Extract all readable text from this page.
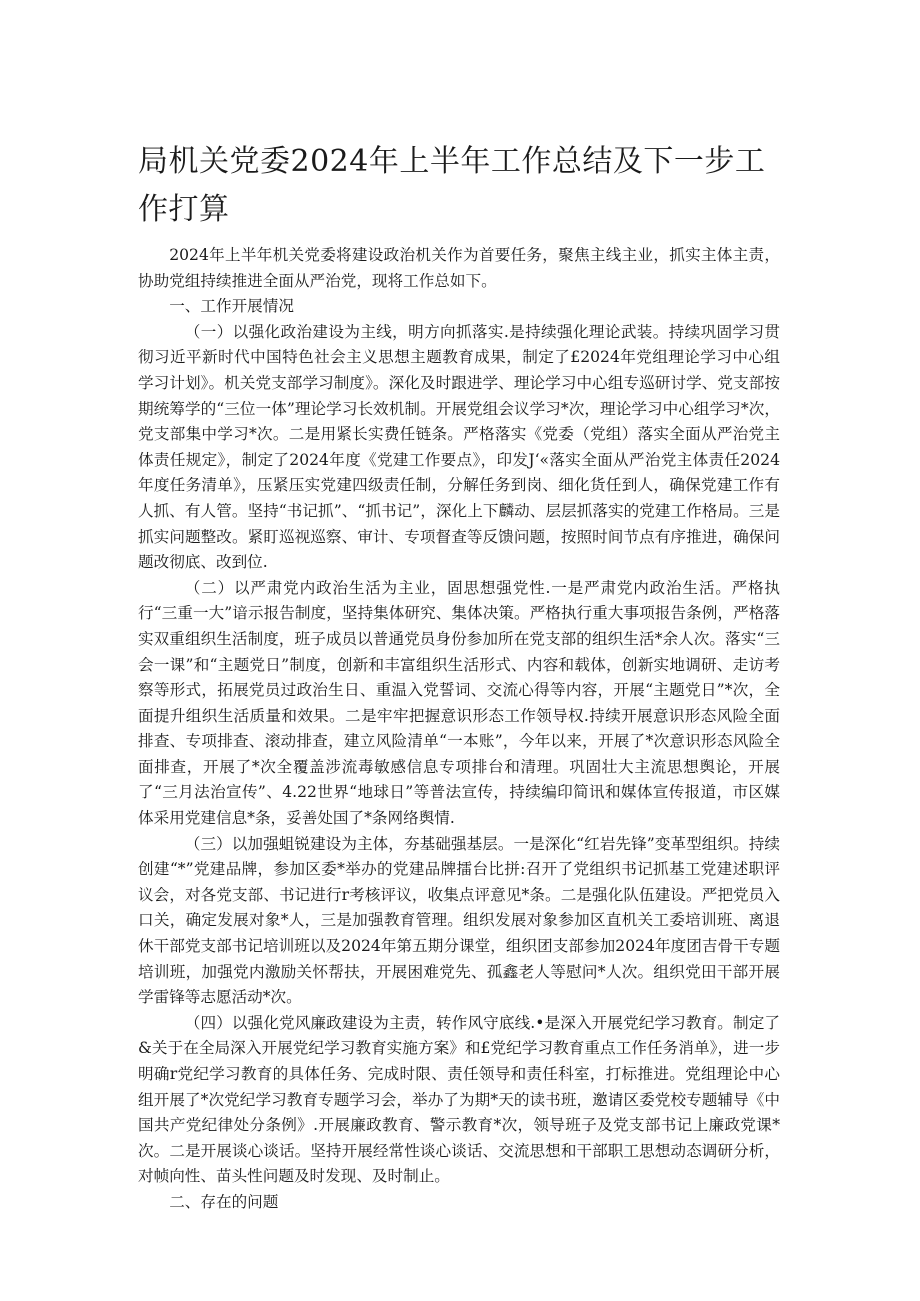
局机关党委2024年上半年工作总结及下一步工作打算

2024年上半年机关党委将建设政治机关作为首要任务，聚焦主线主业，抓实主体主责，协助党组持续推进全面从严治党，现将工作总如下。

一、工作开展情况

（一）以强化政治建设为主线，明方向抓落实.是持续强化理论武装。持续巩固学习贯彻习近平新时代中国特色社会主义思想主题教育成果，制定了£2024年党组理论学习中心组学习计划》。机关党支部学习制度》。深化及时跟进学、理论学习中心组专巡研讨学、党支部按期统筹学的“三位一体”理论学习长效机制。开展党组会议学习*次，理论学习中心组学习*次，党支部集中学习*次。二是用紧长实费任链条。严格落实《党委（党组）落实全面从严治党主体责任规定》，制定了2024年度《党建工作要点》，印发J‘«落实全面从严治党主体责任2024年度任务清单》，压紧压实党建四级责任制，分解任务到岗、细化货任到人，确保党建工作有人抓、有人管。坚持“书记抓”、“抓书记”，深化上下麟动、层层抓落实的党建工作格局。三是抓实问题整改。紧盯巡视巡察、审计、专项督查等反馈问题，按照时间节点有序推进，确保问题改彻底、改到位.

（二）以严肃党内政治生活为主业，固思想强党性.一是严肃党内政治生活。严格执行“三重一大”谙示报告制度，坚持集体研究、集体决策。严格执行重大事项报告条例，严格落实双重组织生活制度，班子成员以普通党员身份参加所在党支部的组织生活*余人次。落实“三会一课”和“主题党日”制度，创新和丰富组织生活形式、内容和载体，创新实地调研、走访考察等形式，拓展党员过政治生日、重温入党誓词、交流心得等内容，开展“主题党日”*次，全面提升组织生活质量和效果。二是牢牢把握意识形态工作领导权.持续开展意识形态风险全面排查、专项排查、滚动排查，建立风险清单“一本账”，今年以来，开展了*次意识形态风险全面排查，开展了*次全覆盖涉流毒敏感信息专项排台和清理。巩固壮大主流思想舆论，开展了“三月法治宣传”、4.22世界“地球日”等普法宣传，持续编印简讯和媒体宣传报道，市区媒体采用党建信息*条，妥善处国了*条网络舆情.

（三）以加强蛆锐建设为主体，夯基础强基层。一是深化“红岩先锋”变革型组织。持续创建“*”党建品牌，参加区委*举办的党建品牌擂台比拼:召开了党组织书记抓基工党建述职评议会，对各党支部、书记进行r考核评议，收集点评意见*条。二是强化队伍建设。严把党员入口关，确定发展对象*人，三是加强教育管理。组织发展对象参加区直机关工委培训班、离退休干部党支部书记培训班以及2024年第五期分课堂，组织团支部参加2024年度团吉骨干专题培训班，加强党内激励关怀帮扶，开展困难党先、孤鑫老人等慰问*人次。组织党田干部开展学雷锋等志愿活动*次。

（四）以强化党风廉政建设为主责，转作风守底线.•是深入开展党纪学习教育。制定了&关于在全局深入开展党纪学习教育实施方案》和£党纪学习教育重点工作任务消单》，进一步明确r党纪学习教育的具体任务、完成时限、责任领导和责任科室，打标推进。党组理论中心组开展了*次党纪学习教育专题学习会，举办了为期*天的读书班，邀请区委党校专题辅导《中国共产党纪律处分条例》.开展廉政教育、警示教育*次，领导班子及党支部书记上廉政党课*次。二是开展谈心谈话。坚持开展经常性谈心谈话、交流思想和干部职工思想动态调研分析，对帧向性、苗头性问题及时发现、及时制止。

二、存在的问题
